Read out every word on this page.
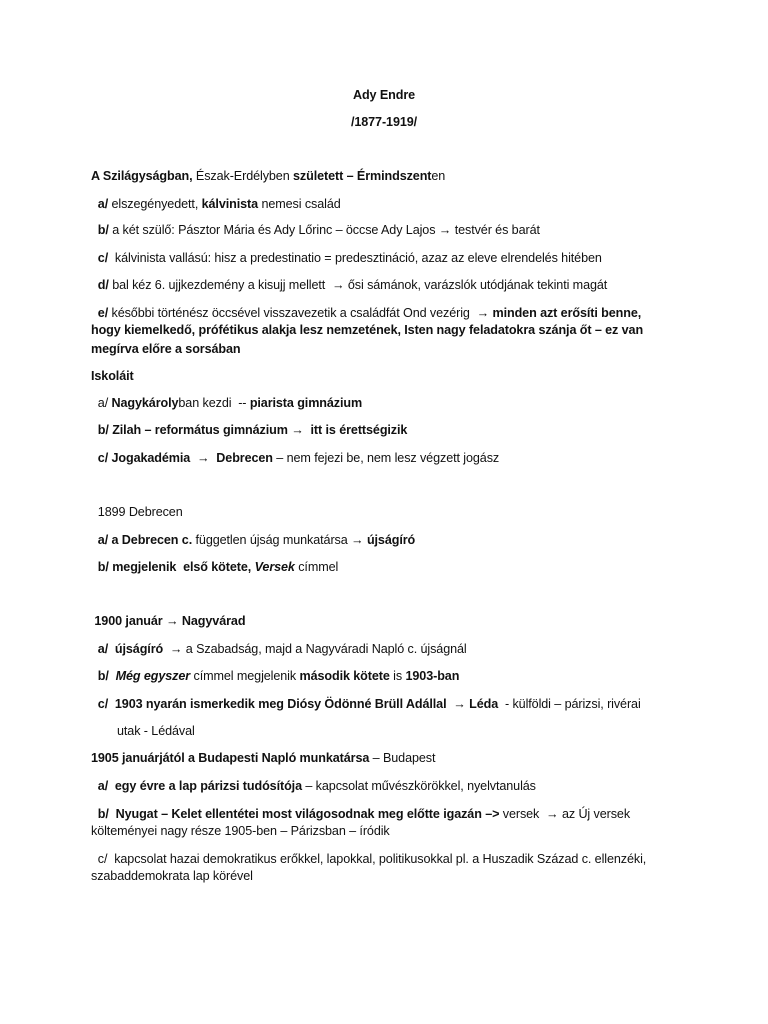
Ady Endre
/1877-1919/
A Szilágyságban, Észak-Erdélyben született – Érmindszenten
a/ elszegényedett, kálvinista nemesi család
b/ a két szülő: Pásztor Mária és Ady Lőrinc – öccse Ady Lajos → testvér és barát
c/  kálvinista vallású: hisz a predestinatio = predesztináció, azaz az eleve elrendelés hitében
d/ bal kéz 6. ujjkezdemény a kisujj mellett  → ősi sámánok, varázslók utódjának tekinti magát
e/ későbbi történész öccsével visszavezetik a családfát Ond vezérig  → minden azt erősíti benne,
hogy kiemelkedő, prófétikus alakja lesz nemzetének, Isten nagy feladatokra szánja őt – ez van
megírva előre a sorsában
Iskoláit
a/ Nagykárolyban kezdi  -- piarista gimnázium
b/ Zilah – református gimnázium →  itt is érettségizik
c/ Jogakadémia  →  Debrecen – nem fejezi be, nem lesz végzett jogász
1899 Debrecen
a/ a Debrecen c. független újság munkatársa → újságíró
b/ megjelenik  első kötete, Versek címmel
1900 január → Nagyvárad
a/  újságíró  → a Szabadság, majd a Nagyváradi Napló c. újságnál
b/  Még egyszer címmel megjelenik második kötete is 1903-ban
c/  1903 nyarán ismerkedik meg Diósy Ödönné Brüll Adállal  → Léda  - külföldi – párizsi, rivérai
utak - Lédával
1905 januárjától a Budapesti Napló munkatársa – Budapest
a/  egy évre a lap párizsi tudósítója – kapcsolat művészkörökkel, nyelvtanulás
b/  Nyugat – Kelet ellentétei most világosodnak meg előtte igazán –> versek  → az Új versek
költeményei nagy része 1905-ben – Párizsban – íródik
c/  kapcsolat hazai demokratikus erőkkel, lapokkal, politikusokkal pl. a Huszadik Század c. ellenzéki,
szabaddemokrata lap körével
